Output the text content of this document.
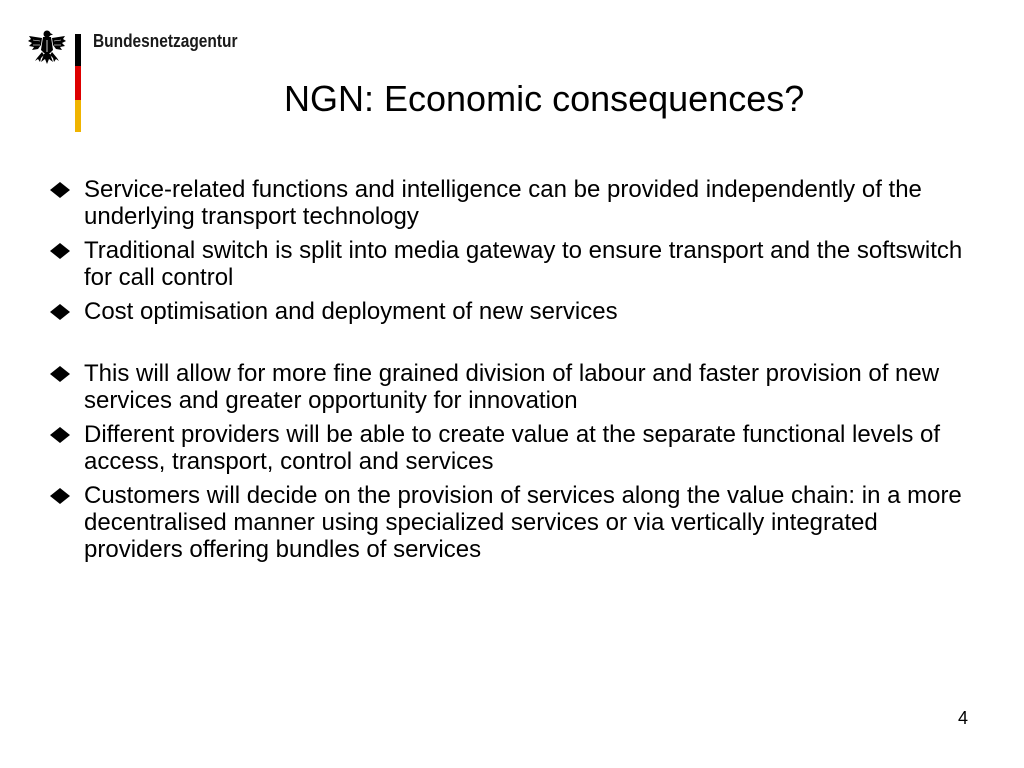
Bundesnetzagentur
NGN: Economic consequences?
Service-related functions and intelligence can be provided independently of the underlying transport technology
Traditional switch is split into media gateway to ensure transport and the softswitch for call control
Cost optimisation and deployment of new services
This will allow for more fine grained division of labour and faster provision of new services and greater opportunity for innovation
Different providers will be able to create value at the separate functional levels of access, transport, control and services
Customers will decide on the provision of services along the value chain: in a more decentralised manner using specialized services or via vertically integrated providers offering bundles of services
4
